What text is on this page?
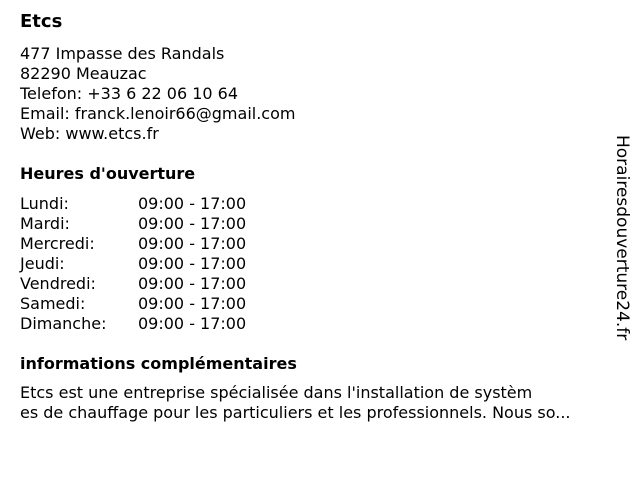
Etcs
477 Impasse des Randals
82290 Meauzac
Telefon: +33 6 22 06 10 64
Email: franck.lenoir66@gmail.com
Web: www.etcs.fr
Heures d'ouverture
Lundi:	09:00 - 17:00
Mardi:	09:00 - 17:00
Mercredi:	09:00 - 17:00
Jeudi:	09:00 - 17:00
Vendredi:	09:00 - 17:00
Samedi:	09:00 - 17:00
Dimanche:	09:00 - 17:00
informations complémentaires
Etcs est une entreprise spécialisée dans l'installation de systèm
es de chauffage pour les particuliers et les professionnels. Nous so...
Horairesdouverture24.fr
